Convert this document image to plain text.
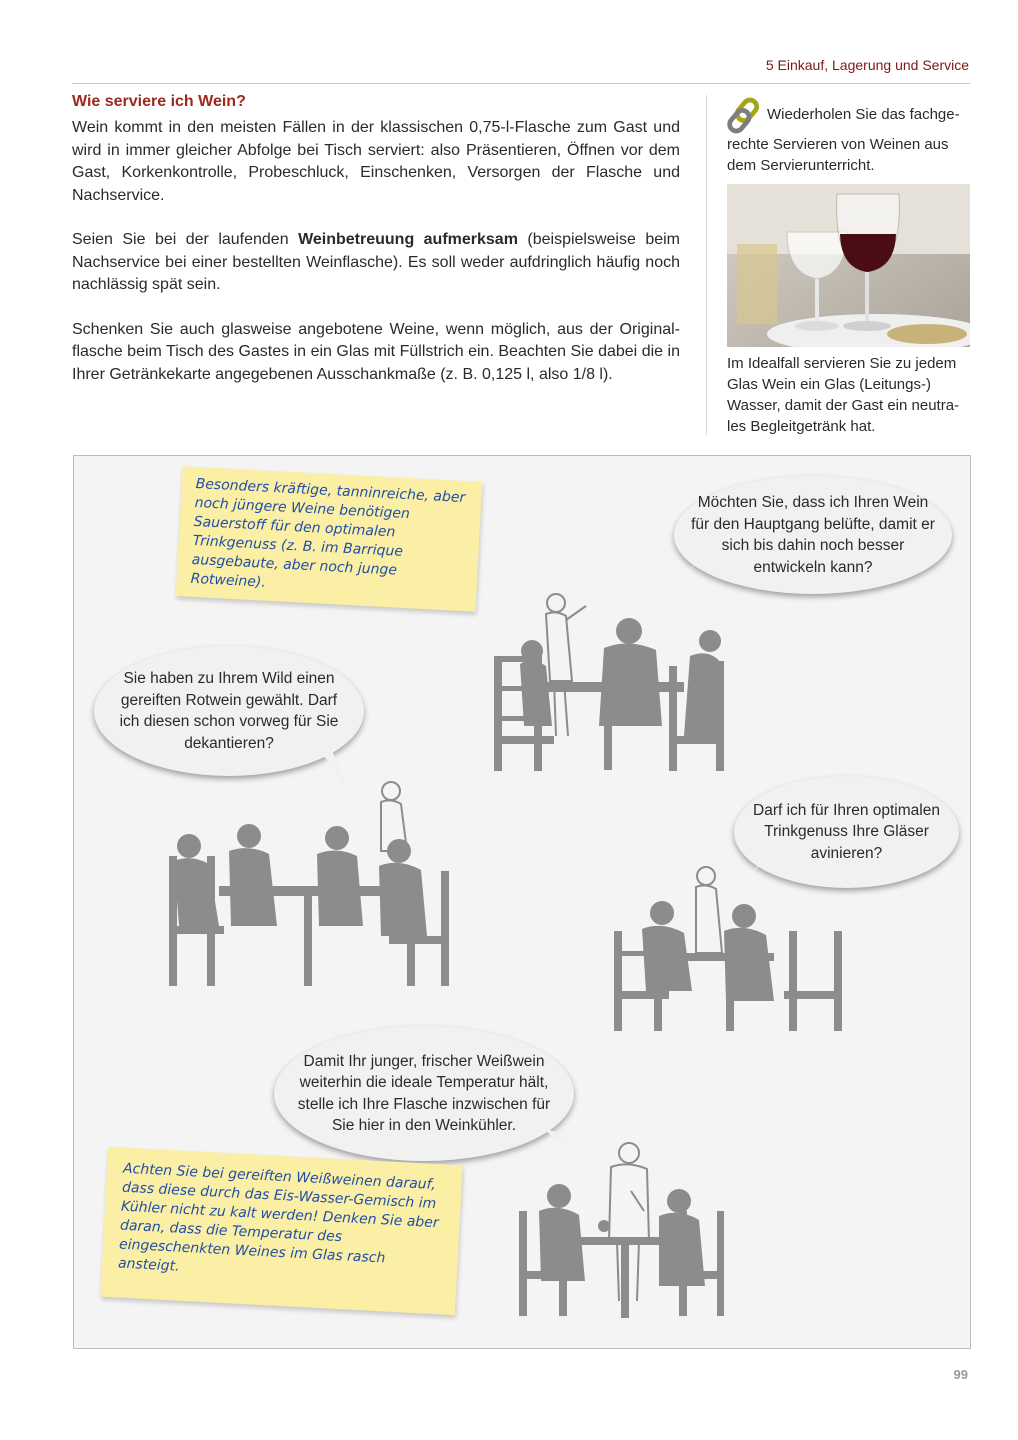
5 Einkauf, Lagerung und Service
Wie serviere ich Wein?

Wein kommt in den meisten Fällen in der klassischen 0,75-l-Flasche zum Gast und wird in immer gleicher Abfolge bei Tisch serviert: also Präsentieren, Öffnen vor dem Gast, Korkenkontrolle, Probeschluck, Einschenken, Versorgen der Flasche und Nachservice.

Seien Sie bei der laufenden Weinbetreuung aufmerksam (beispielsweise beim Nachservice bei einer bestellten Weinflasche). Es soll weder aufdringlich häufig noch nachlässig spät sein.

Schenken Sie auch glasweise angebotene Weine, wenn möglich, aus der Original-flasche beim Tisch des Gastes in ein Glas mit Füllstrich ein. Beachten Sie dabei die in Ihrer Getränkekarte angegebenen Ausschankmaße (z. B. 0,125 l, also 1/8 l).

Wiederholen Sie das fachge-rechte Servieren von Weinen aus dem Servierunterricht.

Im Idealfall servieren Sie zu jedem Glas Wein ein Glas (Leitungs-) Wasser, damit der Gast ein neutra-les Begleitgetränk hat.

Besonders kräftige, tanninreiche, aber noch jüngere Weine benötigen Sauerstoff für den optimalen Trinkgenuss (z. B. im Barrique ausgebaute, aber noch junge Rotweine).
Möchten Sie, dass ich Ihren Wein für den Hauptgang belüfte, damit er sich bis dahin noch besser entwickeln kann?
Sie haben zu Ihrem Wild einen gereiften Rotwein gewählt. Darf ich diesen schon vorweg für Sie dekantieren?
Darf ich für Ihren optimalen Trinkgenuss Ihre Gläser avinieren?
Damit Ihr junger, frischer Weißwein weiterhin die ideale Temperatur hält, stelle ich Ihre Flasche inzwischen für Sie hier in den Weinkühler.
Achten Sie bei gereiften Weißweinen darauf, dass diese durch das Eis-Wasser-Gemisch im Kühler nicht zu kalt werden! Denken Sie aber daran, dass die Temperatur des eingeschenkten Weines im Glas rasch ansteigt.
99
